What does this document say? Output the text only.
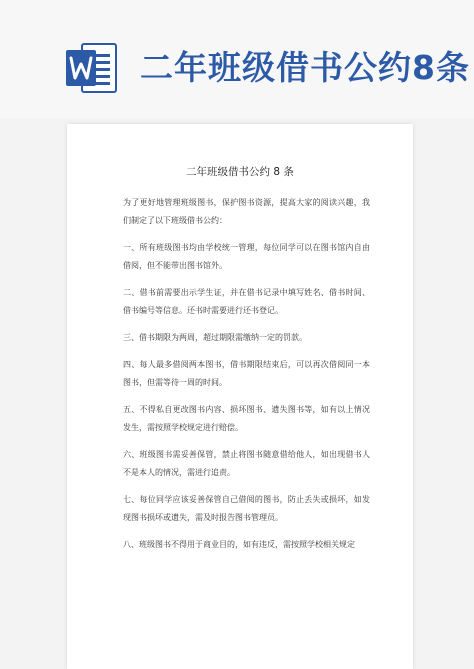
二年班级借书公约8条
二年班级借书公约 8 条

为了更好地管理班级图书，保护图书资源，提高大家的阅读兴趣，我们制定了以下班级借书公约：

一、所有班级图书均由学校统一管理，每位同学可以在图书馆内自由借阅，但不能带出图书馆外。

二、借书前需要出示学生证，并在借书记录中填写姓名、借书时间、借书编号等信息。还书时需要进行还书登记。

三、借书期限为两周，超过期限需缴纳一定的罚款。

四、每人最多借阅两本图书，借书期限结束后，可以再次借阅同一本图书，但需等待一周的时间。

五、不得私自更改图书内容、损坏图书、遗失图书等，如有以上情况发生，需按照学校规定进行赔偿。

六、班级图书需妥善保管，禁止将图书随意借给他人，如出现借书人不是本人的情况，需进行追责。

七、每位同学应该妥善保管自己借阅的图书，防止丢失或损坏，如发现图书损坏或遗失，需及时报告图书管理员。

八、班级图书不得用于商业目的，如有违反，需按照学校相关规定
